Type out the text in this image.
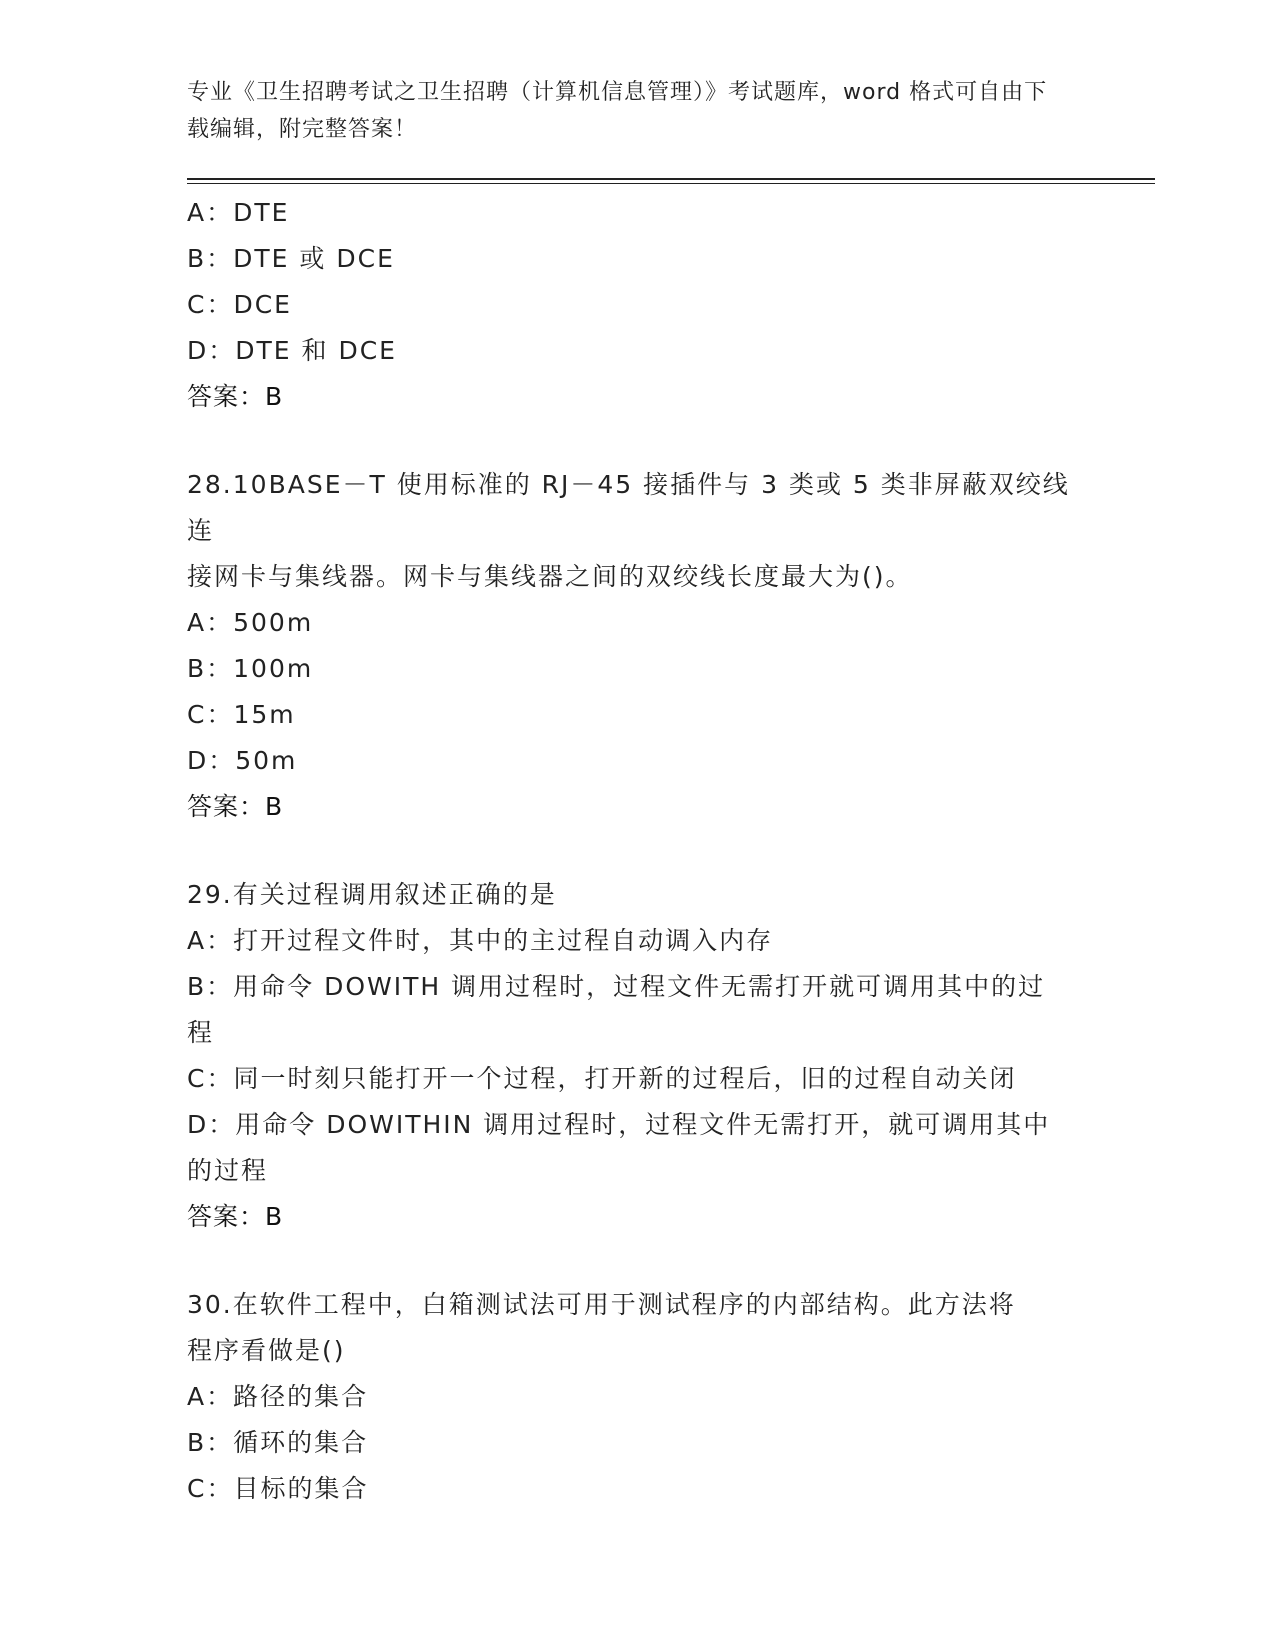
专业《卫生招聘考试之卫生招聘（计算机信息管理）》考试题库，word 格式可自由下载编辑，附完整答案！
A：DTE
B：DTE 或 DCE
C：DCE
D：DTE 和 DCE
答案：B
28.10BASE－T 使用标准的 RJ－45 接插件与 3 类或 5 类非屏蔽双绞线连
接网卡与集线器。网卡与集线器之间的双绞线长度最大为()。
A：500m
B：100m
C：15m
D：50m
答案：B
29.有关过程调用叙述正确的是
A：打开过程文件时，其中的主过程自动调入内存
B：用命令 DOWITH 调用过程时，过程文件无需打开就可调用其中的过
程
C：同一时刻只能打开一个过程，打开新的过程后，旧的过程自动关闭
D：用命令 DOWITHIN 调用过程时，过程文件无需打开，就可调用其中
的过程
答案：B
30.在软件工程中，白箱测试法可用于测试程序的内部结构。此方法将
程序看做是()
A：路径的集合
B：循环的集合
C：目标的集合
